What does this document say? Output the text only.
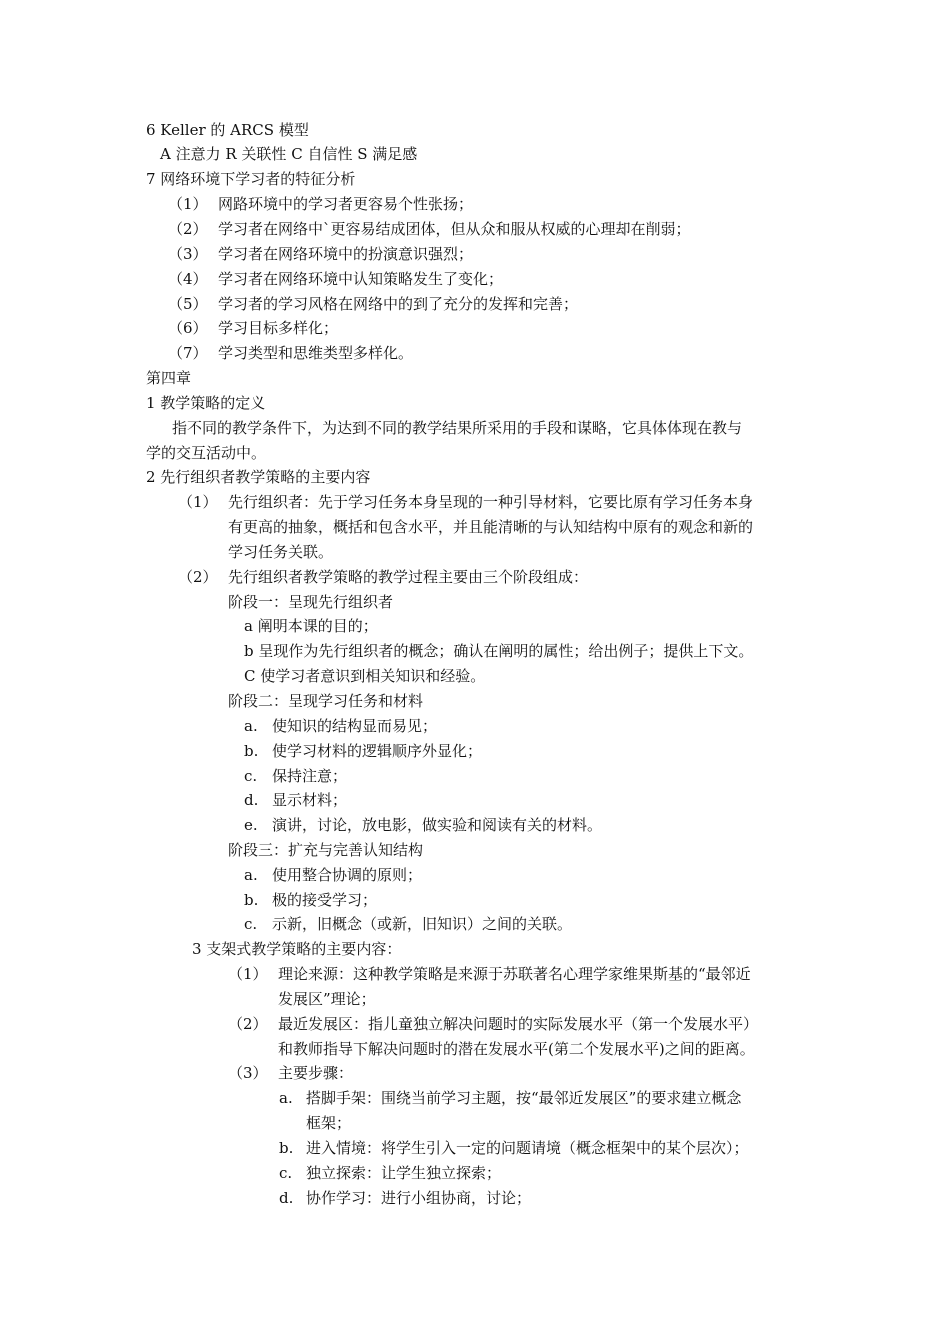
6 Keller 的 ARCS 模型
A 注意力 R 关联性 C 自信性 S 满足感
7 网络环境下学习者的特征分析
（1） 网路环境中的学习者更容易个性张扬；
（2） 学习者在网络中`更容易结成团体，但从众和服从权威的心理却在削弱；
（3） 学习者在网络环境中的扮演意识强烈；
（4） 学习者在网络环境中认知策略发生了变化；
（5） 学习者的学习风格在网络中的到了充分的发挥和完善；
（6） 学习目标多样化；
（7） 学习类型和思维类型多样化。
第四章
1 教学策略的定义
指不同的教学条件下，为达到不同的教学结果所采用的手段和谋略，它具体体现在教与
学的交互活动中。
2 先行组织者教学策略的主要内容
（1） 先行组织者：先于学习任务本身呈现的一种引导材料，它要比原有学习任务本身
有更高的抽象，概括和包含水平，并且能清晰的与认知结构中原有的观念和新的
学习任务关联。
（2） 先行组织者教学策略的教学过程主要由三个阶段组成：
阶段一：呈现先行组织者
a 阐明本课的目的；
b 呈现作为先行组织者的概念；确认在阐明的属性；给出例子；提供上下文。
C 使学习者意识到相关知识和经验。
阶段二：呈现学习任务和材料
a. 使知识的结构显而易见；
b. 使学习材料的逻辑顺序外显化；
c. 保持注意；
d. 显示材料；
e. 演讲，讨论，放电影，做实验和阅读有关的材料。
阶段三：扩充与完善认知结构
a. 使用整合协调的原则；
b. 极的接受学习；
c. 示新，旧概念（或新，旧知识）之间的关联。
3 支架式教学策略的主要内容：
（1） 理论来源：这种教学策略是来源于苏联著名心理学家维果斯基的“最邻近
发展区”理论；
（2） 最近发展区：指儿童独立解决问题时的实际发展水平（第一个发展水平）
和教师指导下解决问题时的潜在发展水平(第二个发展水平)之间的距离。
（3） 主要步骤：
a. 搭脚手架：围绕当前学习主题，按“最邻近发展区”的要求建立概念
框架；
b. 进入情境：将学生引入一定的问题请境（概念框架中的某个层次）；
c. 独立探索：让学生独立探索；
d. 协作学习：进行小组协商，讨论；
